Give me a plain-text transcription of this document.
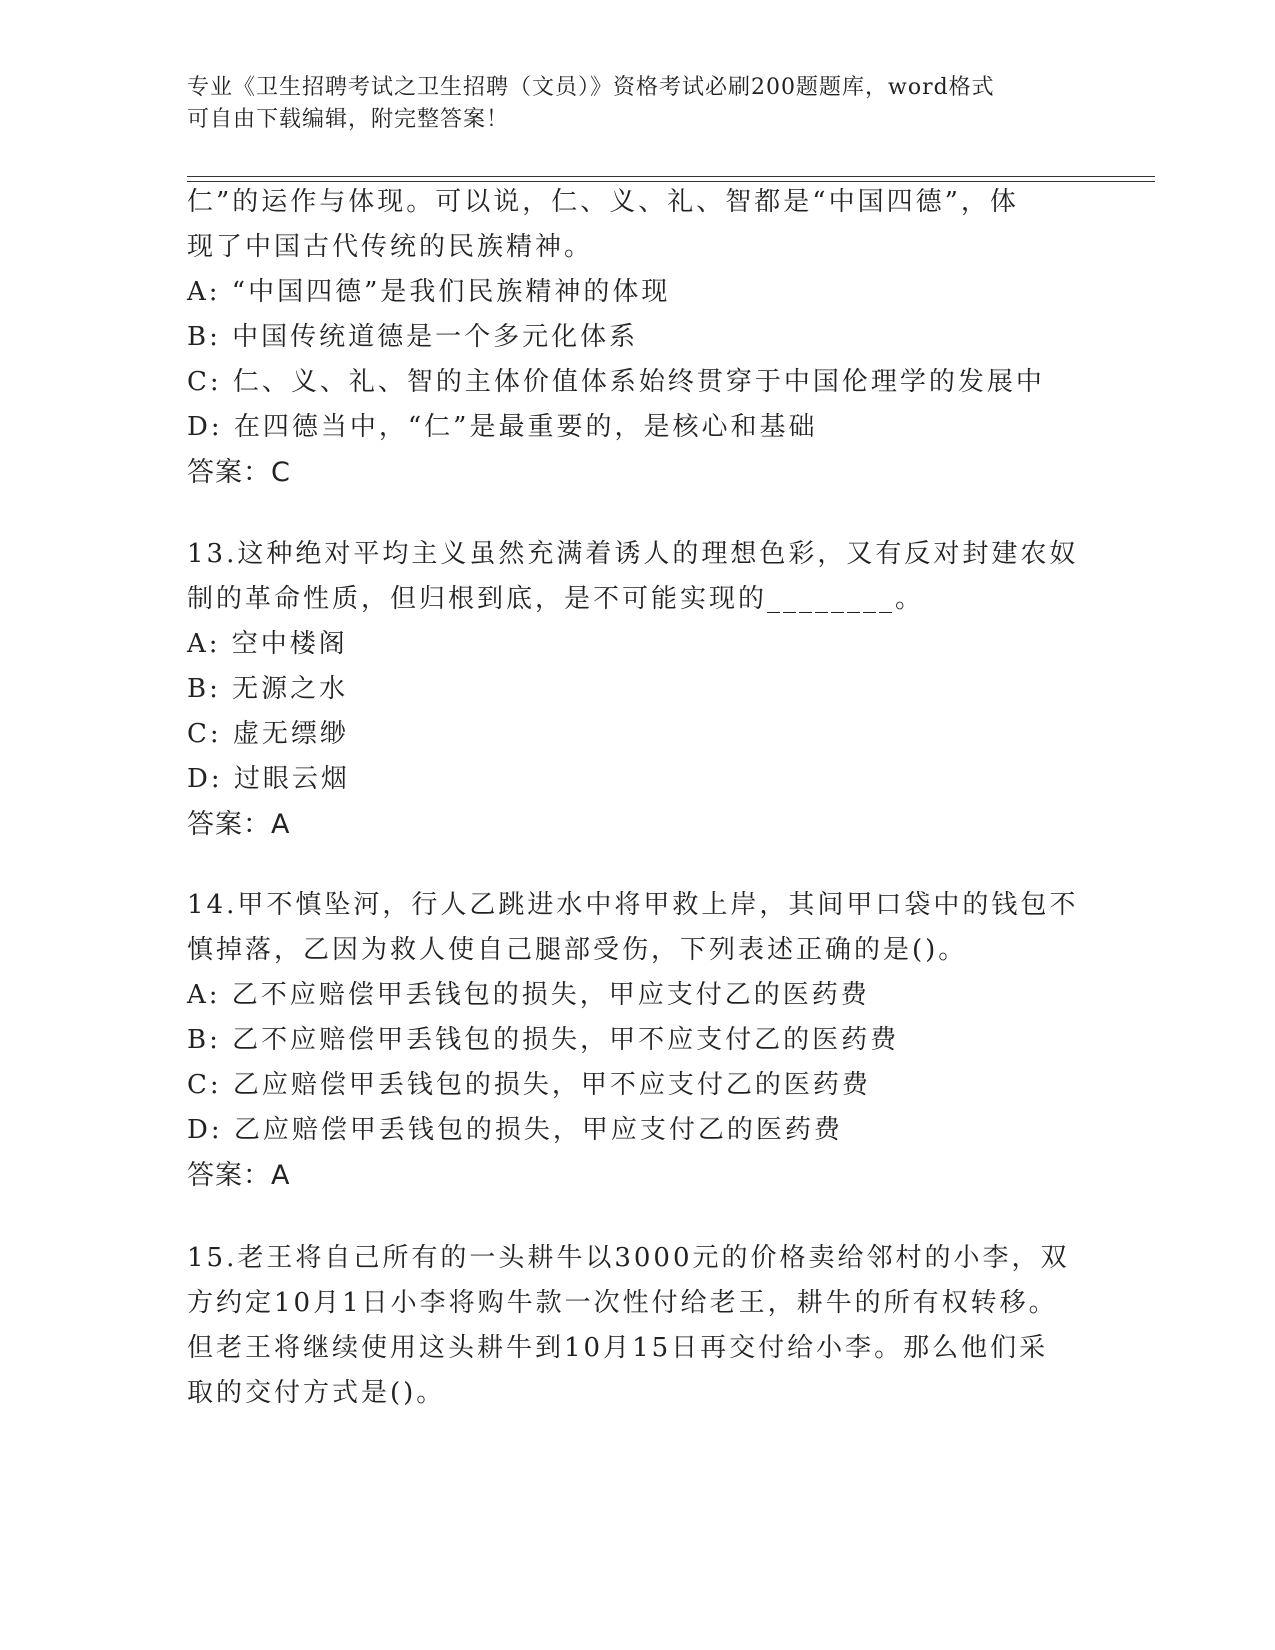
专业《卫生招聘考试之卫生招聘（文员）》资格考试必刷200题题库，word格式
可自由下载编辑，附完整答案！

仁”的运作与体现。可以说，仁、义、礼、智都是“中国四德”，体

现了中国古代传统的民族精神。

A: “中国四德”是我们民族精神的体现

B: 中国传统道德是一个多元化体系

C: 仁、义、礼、智的主体价值体系始终贯穿于中国伦理学的发展中

D: 在四德当中，“仁”是最重要的，是核心和基础

答案：C

13.这种绝对平均主义虽然充满着诱人的理想色彩，又有反对封建农奴

制的革命性质，但归根到底，是不可能实现的________。

A: 空中楼阁

B: 无源之水

C: 虚无缥缈

D: 过眼云烟

答案：A

14.甲不慎坠河，行人乙跳进水中将甲救上岸，其间甲口袋中的钱包不

慎掉落，乙因为救人使自己腿部受伤，下列表述正确的是()。

A: 乙不应赔偿甲丢钱包的损失，甲应支付乙的医药费

B: 乙不应赔偿甲丢钱包的损失，甲不应支付乙的医药费

C: 乙应赔偿甲丢钱包的损失，甲不应支付乙的医药费

D: 乙应赔偿甲丢钱包的损失，甲应支付乙的医药费

答案：A

15.老王将自己所有的一头耕牛以3000元的价格卖给邻村的小李，双

方约定10月1日小李将购牛款一次性付给老王，耕牛的所有权转移。

但老王将继续使用这头耕牛到10月15日再交付给小李。那么他们采

取的交付方式是()。
